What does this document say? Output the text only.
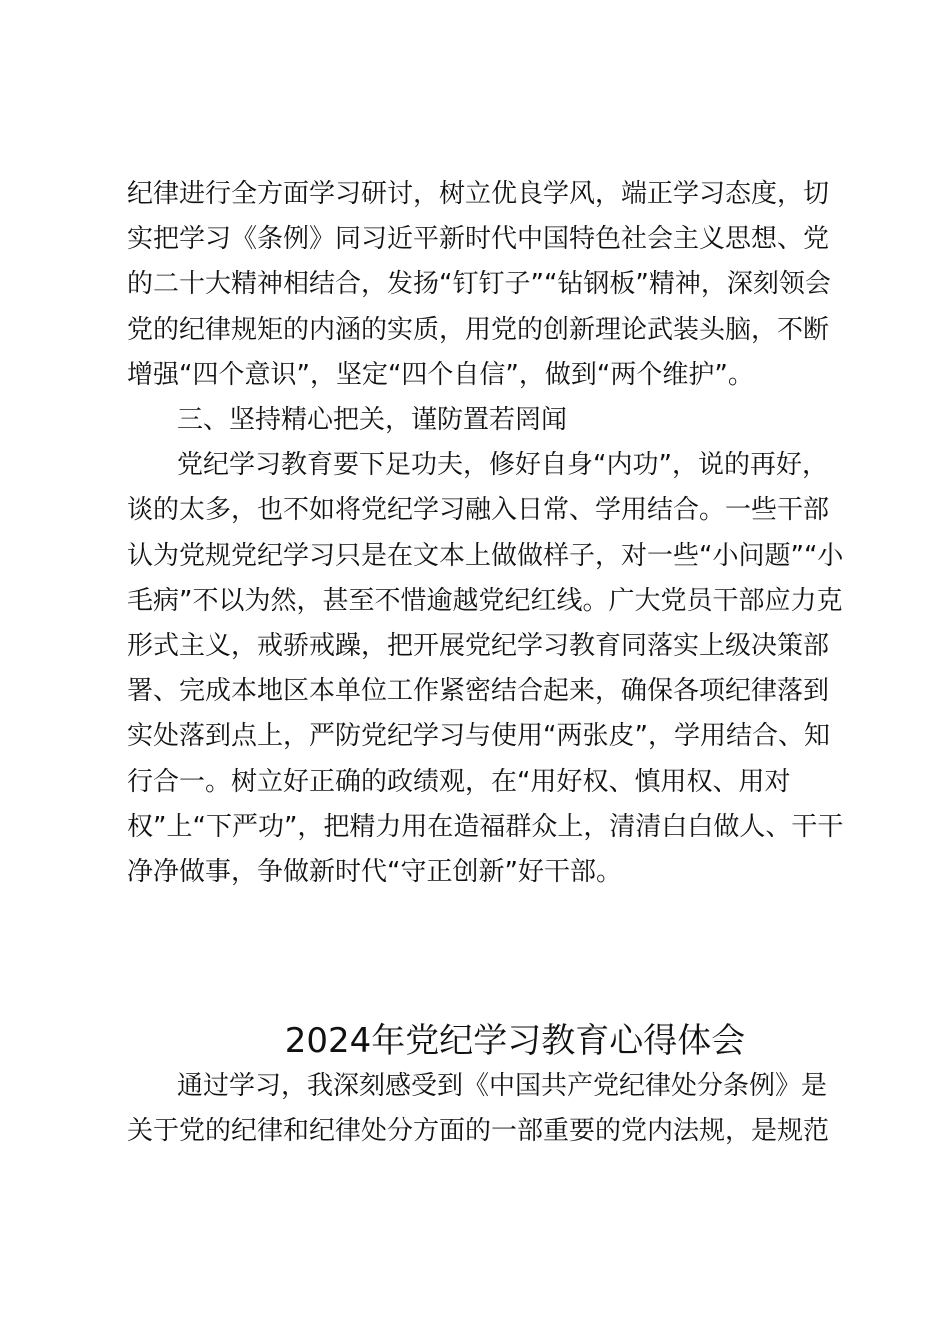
纪律进行全方面学习研讨，树立优良学风，端正学习态度，切
实把学习《条例》同习近平新时代中国特色社会主义思想、党
的二十大精神相结合，发扬“钉钉子”“钻钢板”精神，深刻领会
党的纪律规矩的内涵的实质，用党的创新理论武装头脑，不断
增强“四个意识”，坚定“四个自信”，做到“两个维护”。
三、坚持精心把关，谨防置若罔闻
党纪学习教育要下足功夫，修好自身“内功”，说的再好，
谈的太多，也不如将党纪学习融入日常、学用结合。一些干部
认为党规党纪学习只是在文本上做做样子，对一些“小问题”“小
毛病”不以为然，甚至不惜逾越党纪红线。广大党员干部应力克
形式主义，戒骄戒躁，把开展党纪学习教育同落实上级决策部
署、完成本地区本单位工作紧密结合起来，确保各项纪律落到
实处落到点上，严防党纪学习与使用“两张皮”，学用结合、知
行合一。树立好正确的政绩观，在“用好权、慎用权、用对
权”上“下严功”，把精力用在造福群众上，清清白白做人、干干
净净做事，争做新时代“守正创新”好干部。
2024年党纪学习教育心得体会
通过学习，我深刻感受到《中国共产党纪律处分条例》是
关于党的纪律和纪律处分方面的一部重要的党内法规，是规范
